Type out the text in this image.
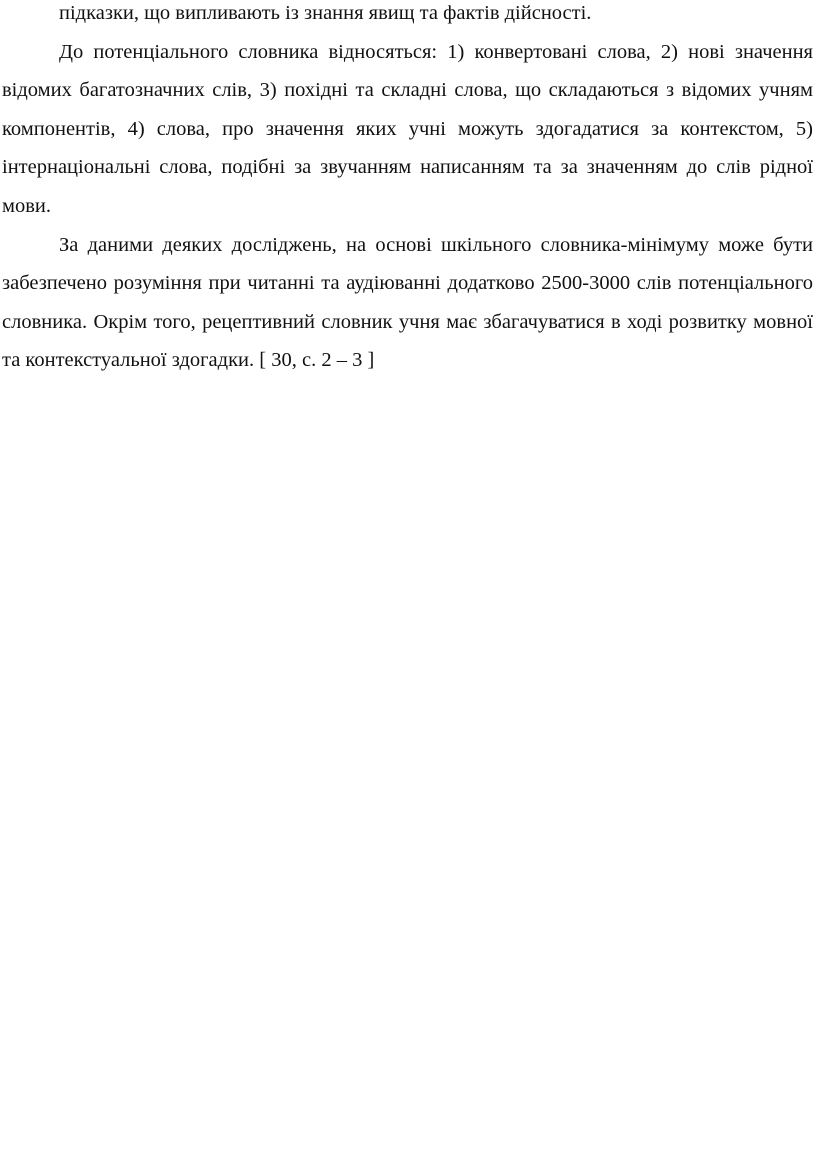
підказки, що випливають із знання явищ та фактів дійсності.

До потенціального словника відносяться: 1) конвертовані слова, 2) нові значення відомих багатозначних слів, 3) похідні та складні слова, що складаються з відомих учням компонентів, 4) слова, про значення яких учні можуть здогадатися за контекстом, 5) інтернаціональні слова, подібні за звучанням написанням та за значенням до слів рідної мови.

За даними деяких досліджень, на основі шкільного словника-мінімуму може бути забезпечено розуміння при читанні та аудіюванні додатково 2500-3000 слів потенціального словника. Окрім того, рецептивний словник учня має збагачуватися в ході розвитку мовної та контекстуальної здогадки. [ 30, с. 2 – 3 ]
